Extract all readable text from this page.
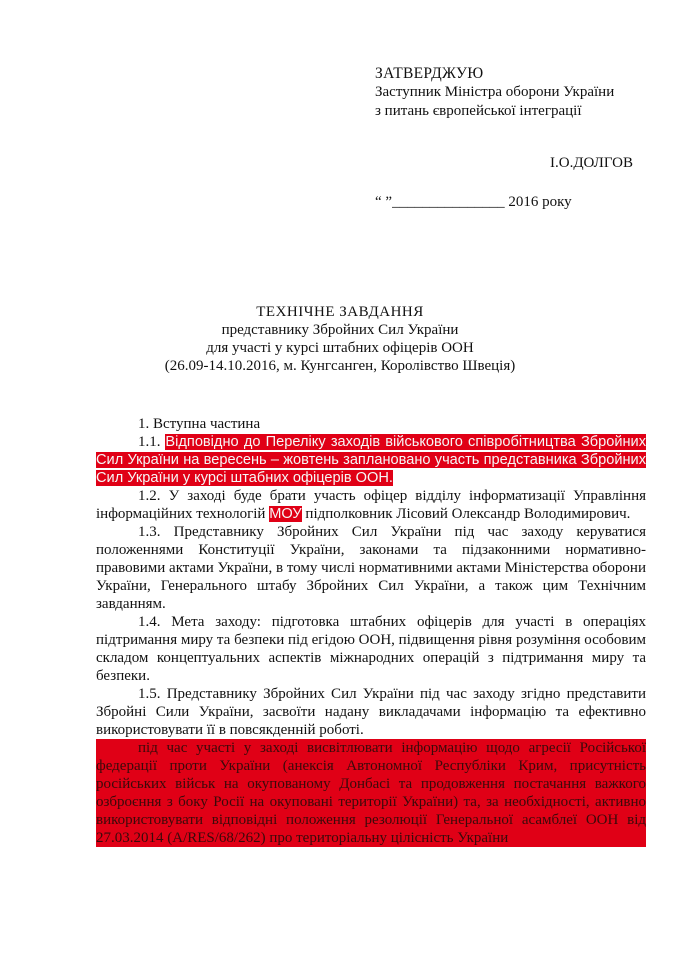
ЗАТВЕРДЖУЮ
Заступник Міністра оборони України
з питань європейської інтеграції
І.О.ДОЛГОВ
“ ”_______________ 2016 року
ТЕХНІЧНЕ ЗАВДАННЯ
представнику Збройних Сил України
для участі у курсі штабних офіцерів ООН
(26.09-14.10.2016, м. Кунгсанген, Королівство Швеція)

1. Вступна частина

1.1. Відповідно до Переліку заходів військового співробітництва Збройних Сил України на вересень – жовтень заплановано участь представника Збройних Сил України у курсі штабних офіцерів ООН.

1.2. У заході буде брати участь офіцер відділу інформатизації Управління інформаційних технологій МОУ підполковник Лісовий Олександр Володимирович.

1.3. Представнику Збройних Сил України під час заходу керуватися положеннями Конституції України, законами та підзаконними нормативно-правовими актами України, в тому числі нормативними актами Міністерства оборони України, Генерального штабу Збройних Сил України, а також цим Технічним завданням.

1.4. Мета заходу: підготовка штабних офіцерів для участі в операціях підтримання миру та безпеки під егідою ООН, підвищення рівня розуміння особовим складом концептуальних аспектів міжнародних операцій з підтримання миру та безпеки.

1.5. Представнику Збройних Сил України під час заходу згідно представити Збройні Сили України, засвоїти надану викладачами інформацію та ефективно використовувати її в повсякденній роботі.

під час участі у заході висвітлювати інформацію щодо агресії Російської федерації проти України (анексія Автономної Республіки Крим, присутність російських військ на окупованому Донбасі та продовження постачання важкого озброєння з боку Росії на окуповані території України) та, за необхідності, активно використовувати відповідні положення резолюції Генеральної асамблеї ООН від 27.03.2014 (A/RES/68/262) про територіальну цілісність України
